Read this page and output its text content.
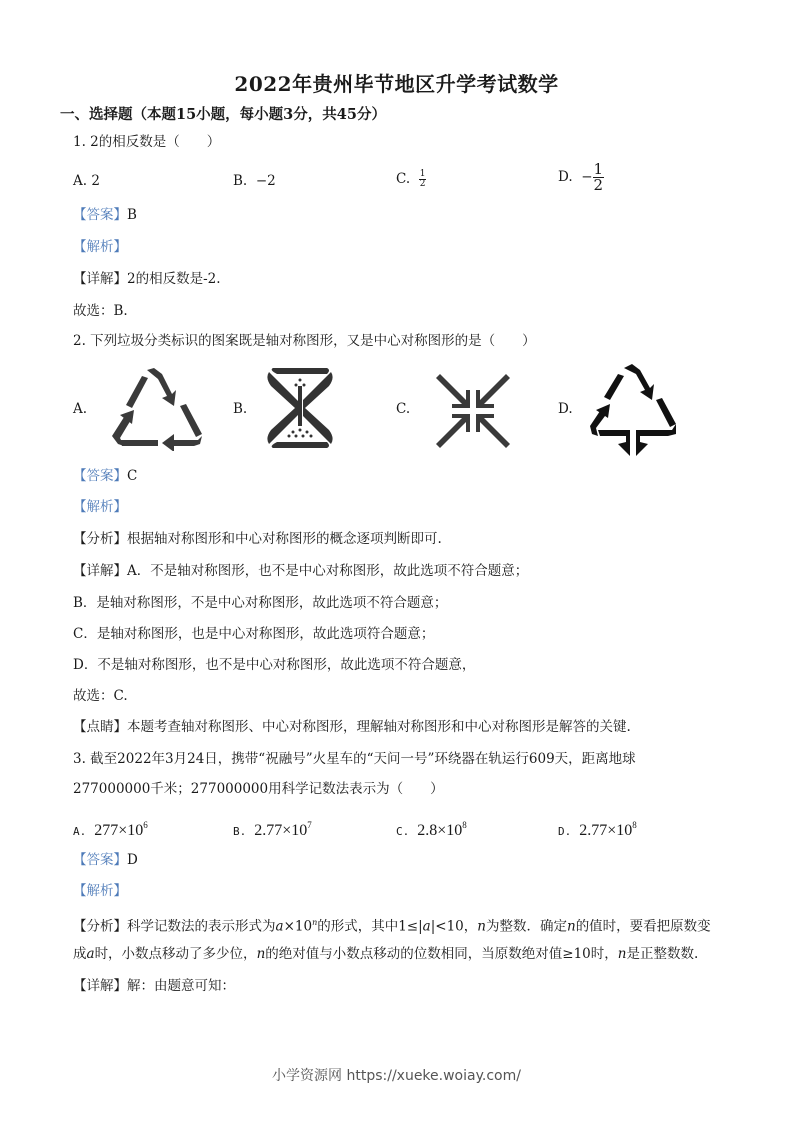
2022年贵州毕节地区升学考试数学
一、选择题（本题15小题，每小题3分，共45分）
1. 2的相反数是（　　）
A. 2	B. −2	C. $\frac{1}{2}$	D. − $\frac{1}{2}$
【答案】B
【解析】
【详解】2的相反数是-2.
故选：B.
2. 下列垃圾分类标识的图案既是轴对称图形，又是中心对称图形的是（　　）
A.	B.	C.	D.
【答案】C
【解析】
【分析】根据轴对称图形和中心对称图形的概念逐项判断即可.
【详解】A．不是轴对称图形，也不是中心对称图形，故此选项不符合题意；
B．是轴对称图形，不是中心对称图形，故此选项不符合题意；
C．是轴对称图形，也是中心对称图形，故此选项符合题意；
D．不是轴对称图形，也不是中心对称图形，故此选项不符合题意，
故选：C.
【点睛】本题考查轴对称图形、中心对称图形，理解轴对称图形和中心对称图形是解答的关键.
3. 截至2022年3月24日，携带“祝融号”火星车的“天问一号”环绕器在轨运行609天，距离地球
277000000千米；277000000用科学记数法表示为（　　）
A. $277\times 10^6$	B. $2.77\times 10^7$	C. $2.8\times 10^8$	D. $2.77\times 10^8$
【答案】D
【解析】
【分析】科学记数法的表示形式为$a\times 10^n$的形式，其中1≤|a|<10，n为整数．确定n的值时，要看把原数变
成a时，小数点移动了多少位，n的绝对值与小数点移动的位数相同，当原数绝对值≥10时，n是正整数数.
【详解】解：由题意可知：
小学资源网 https://xueke.woiay.com/
